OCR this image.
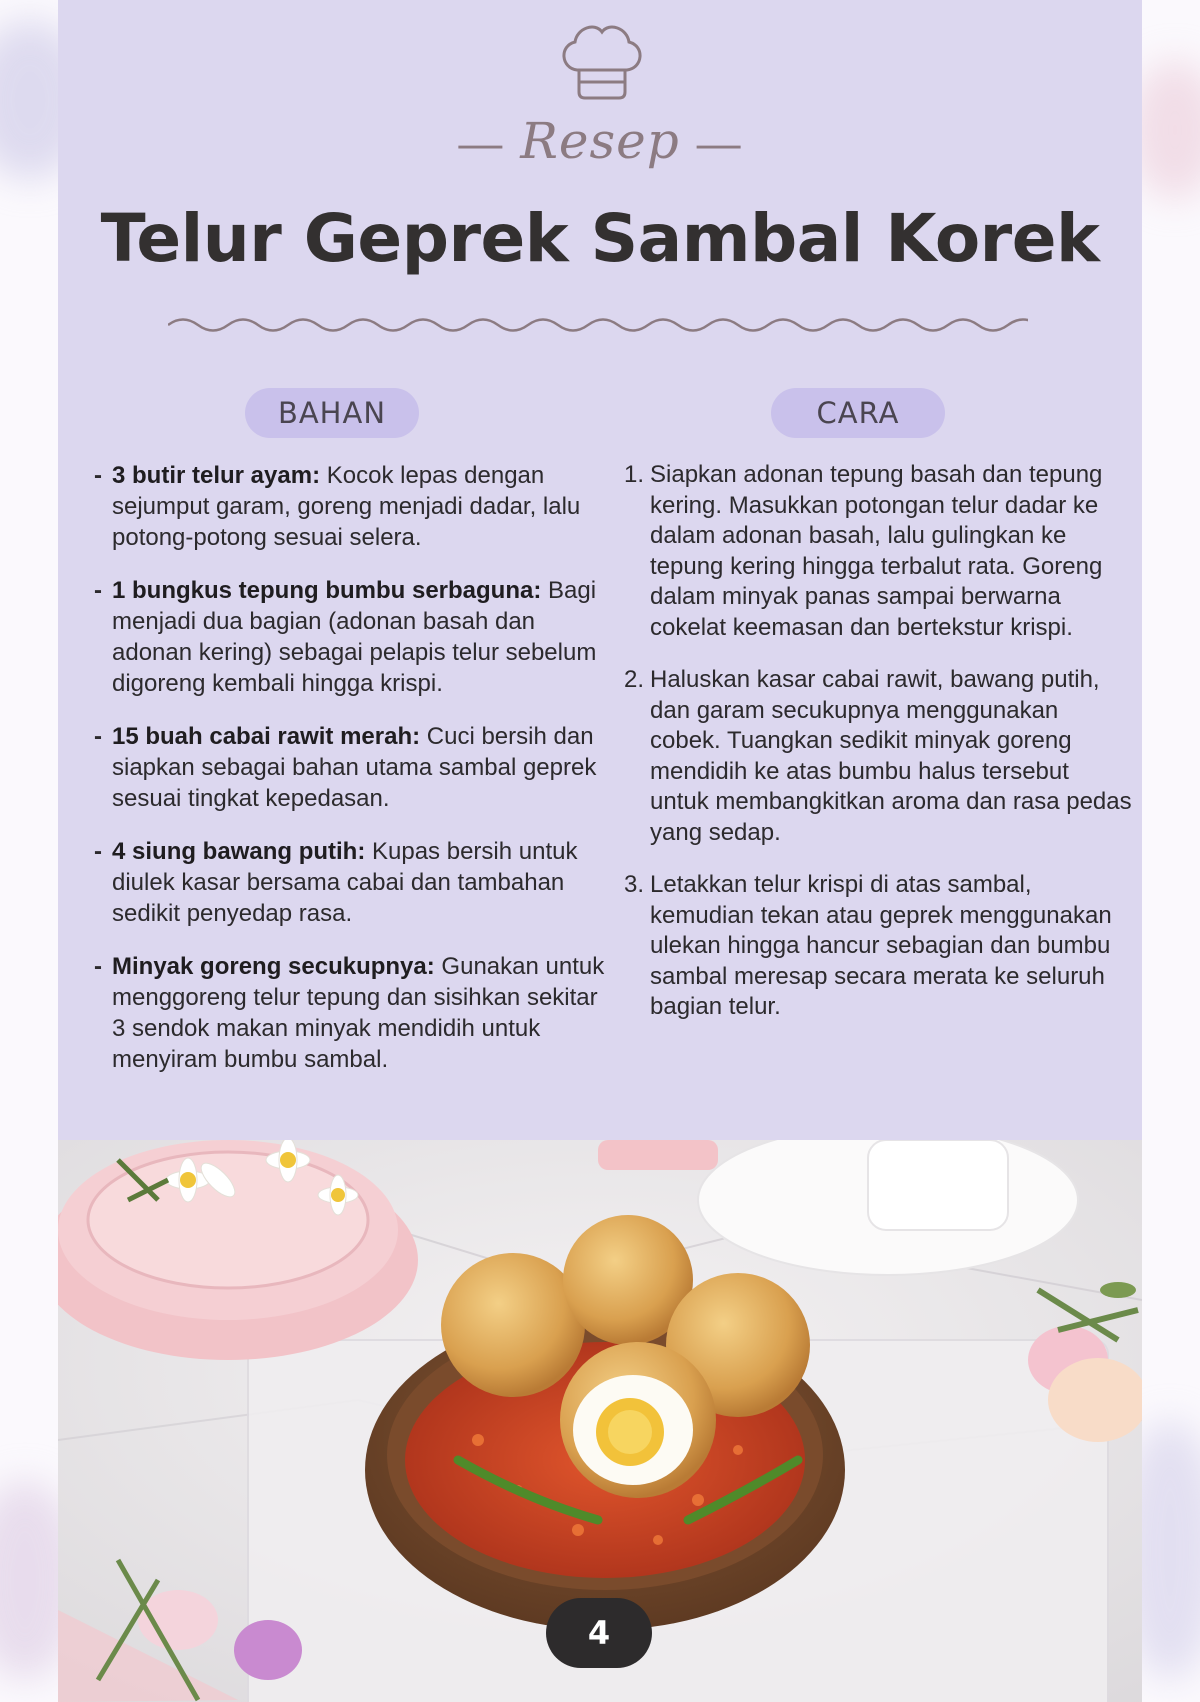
— Resep —
Telur Geprek Sambal Korek
BAHAN	CARA
- 3 butir telur ayam: Kocok lepas dengan sejumput garam, goreng menjadi dadar, lalu potong-potong sesuai selera.
- 1 bungkus tepung bumbu serbaguna: Bagi menjadi dua bagian (adonan basah dan adonan kering) sebagai pelapis telur sebelum digoreng kembali hingga krispi.
- 15 buah cabai rawit merah: Cuci bersih dan siapkan sebagai bahan utama sambal geprek sesuai tingkat kepedasan.
- 4 siung bawang putih: Kupas bersih untuk diulek kasar bersama cabai dan tambahan sedikit penyedap rasa.
- Minyak goreng secukupnya: Gunakan untuk menggoreng telur tepung dan sisihkan sekitar 3 sendok makan minyak mendidih untuk menyiram bumbu sambal.
1. Siapkan adonan tepung basah dan tepung kering. Masukkan potongan telur dadar ke dalam adonan basah, lalu gulingkan ke tepung kering hingga terbalut rata. Goreng dalam minyak panas sampai berwarna cokelat keemasan dan bertekstur krispi.
2. Haluskan kasar cabai rawit, bawang putih, dan garam secukupnya menggunakan cobek. Tuangkan sedikit minyak goreng mendidih ke atas bumbu halus tersebut untuk membangkitkan aroma dan rasa pedas yang sedap.
3. Letakkan telur krispi di atas sambal, kemudian tekan atau geprek menggunakan ulekan hingga hancur sebagian dan bumbu sambal meresap secara merata ke seluruh bagian telur.
4
